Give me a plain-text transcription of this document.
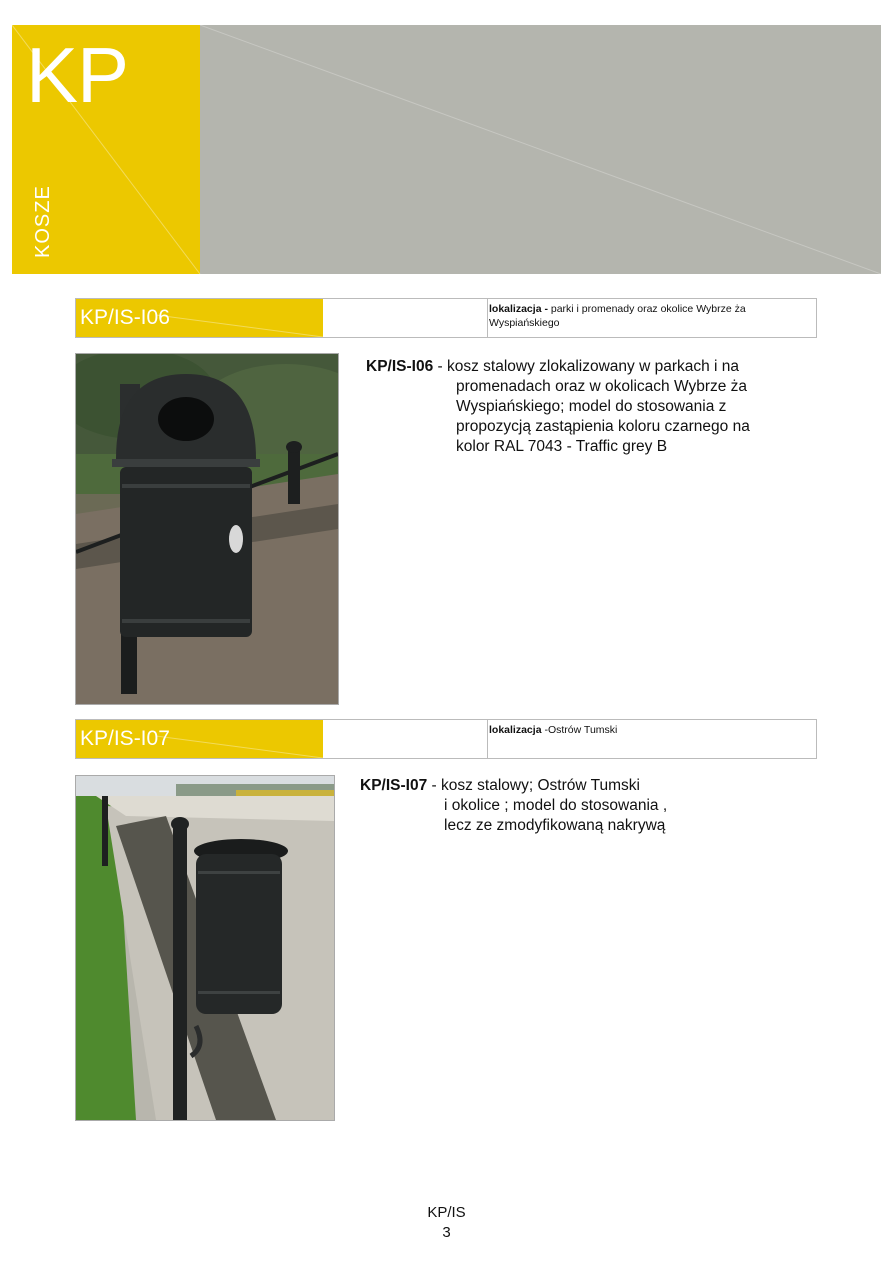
KP
KOSZE
KP/IS-I06	lokalizacja - parki i promenady oraz okolice Wybrze ża Wyspiańskiego
KP/IS-I06 - kosz stalowy zlokalizowany w parkach i na
promenadach oraz w okolicach Wybrze ża
Wyspiańskiego; model do stosowania z
propozycją zastąpienia koloru czarnego na
kolor RAL 7043 - Traffic grey B
KP/IS-I07	lokalizacja -Ostrów Tumski
KP/IS-I07 - kosz stalowy; Ostrów Tumski
i okolice ; model do stosowania ,
lecz ze zmodyfikowaną nakrywą
KP/IS
3
